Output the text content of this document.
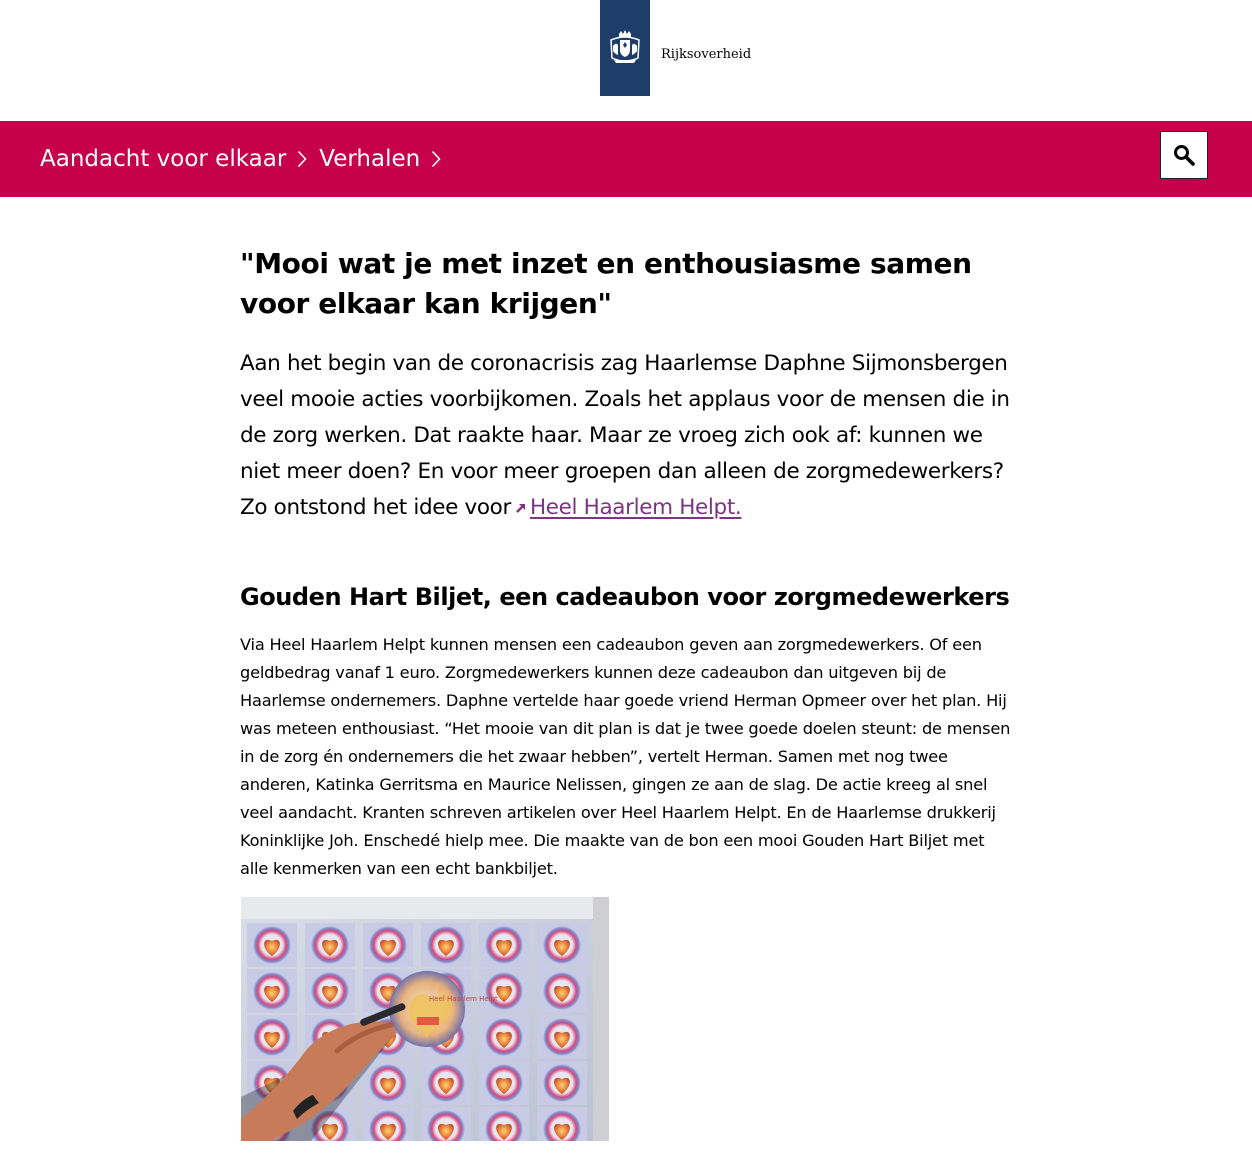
Rijksoverheid
Aandacht voor elkaar Verhalen
"Mooi wat je met inzet en enthousiasme samen voor elkaar kan krijgen"

Aan het begin van de coronacrisis zag Haarlemse Daphne Sijmonsbergen veel mooie acties voorbijkomen. Zoals het applaus voor de mensen die in de zorg werken. Dat raakte haar. Maar ze vroeg zich ook af: kunnen we niet meer doen? En voor meer groepen dan alleen de zorgmedewerkers? Zo ontstond het idee voor Heel Haarlem Helpt.

Gouden Hart Biljet, een cadeaubon voor zorgmedewerkers

Via Heel Haarlem Helpt kunnen mensen een cadeaubon geven aan zorgmedewerkers. Of een geldbedrag vanaf 1 euro. Zorgmedewerkers kunnen deze cadeaubon dan uitgeven bij de Haarlemse ondernemers. Daphne vertelde haar goede vriend Herman Opmeer over het plan. Hij was meteen enthousiast. “Het mooie van dit plan is dat je twee goede doelen steunt: de mensen in de zorg én ondernemers die het zwaar hebben”, vertelt Herman. Samen met nog twee anderen, Katinka Gerritsma en Maurice Nelissen, gingen ze aan de slag. De actie kreeg al snel veel aandacht. Kranten schreven artikelen over Heel Haarlem Helpt. En de Haarlemse drukkerij Koninklijke Joh. Enschedé hielp mee. Die maakte van de bon een mooi Gouden Hart Biljet met alle kenmerken van een echt bankbiljet.

Heel Haarlem Helpt
